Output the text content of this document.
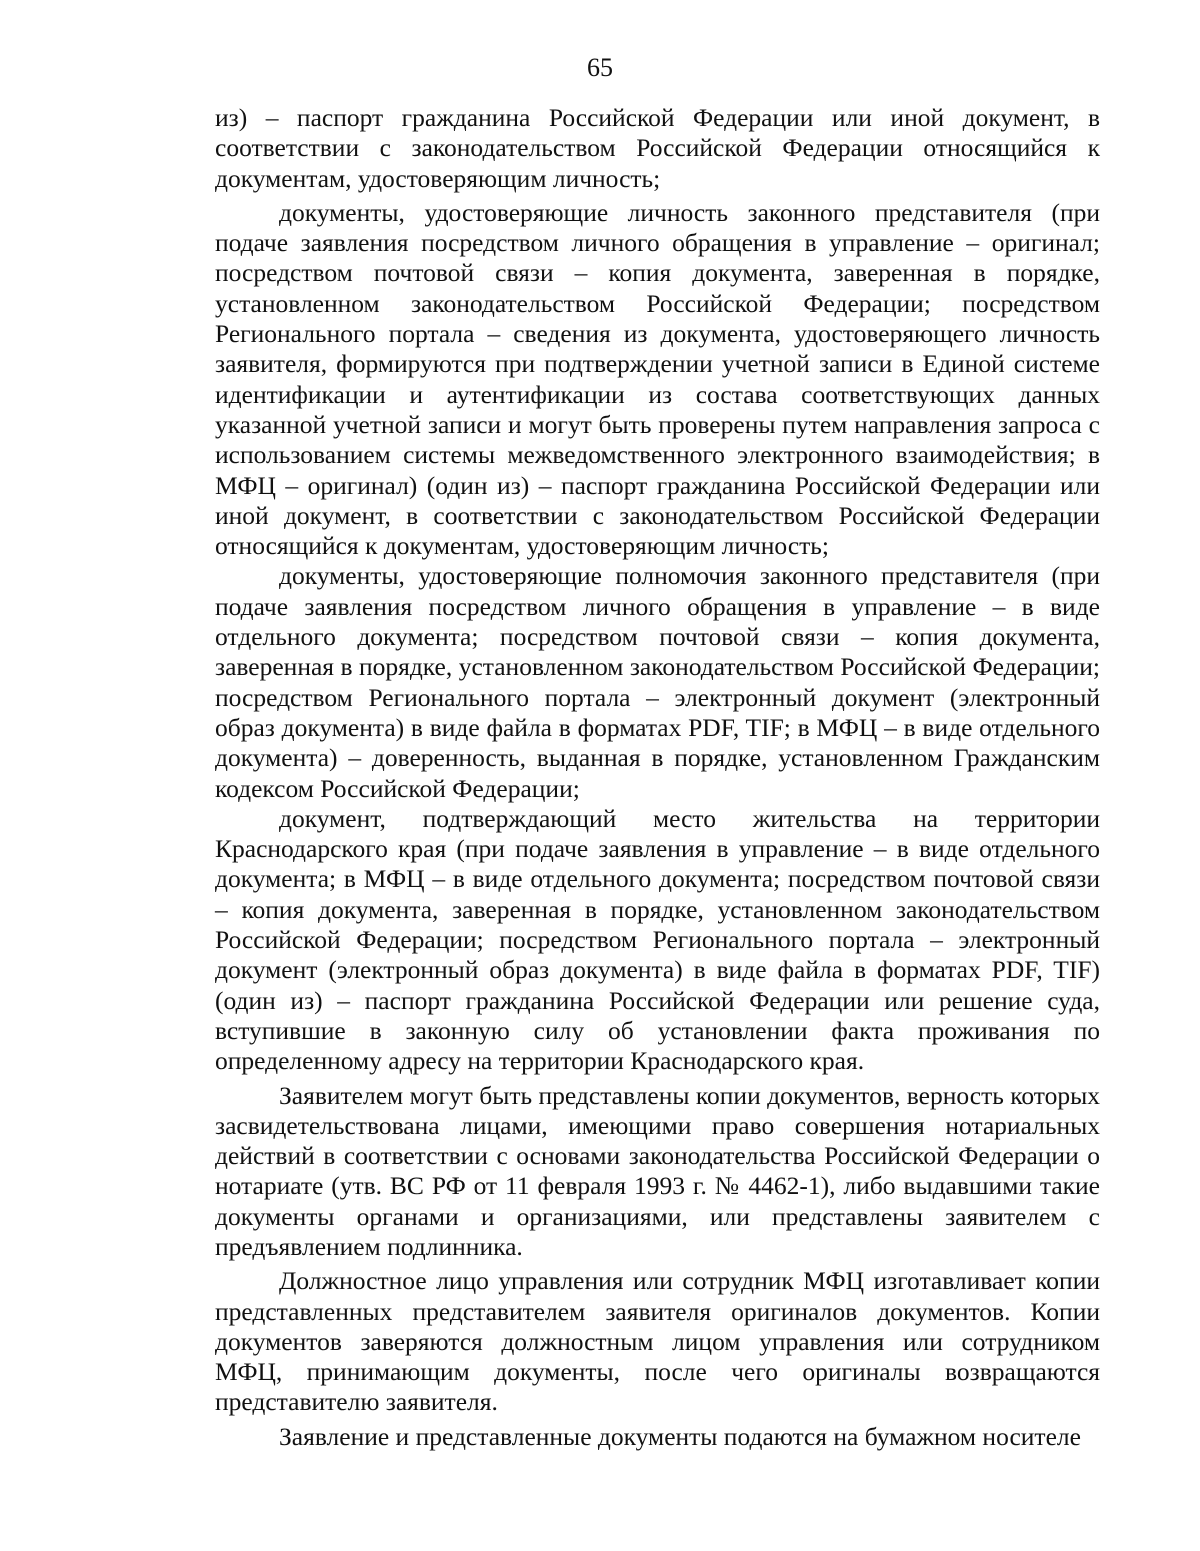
65

из) – паспорт гражданина Российской Федерации или иной документ, в соответствии с законодательством Российской Федерации относящийся к документам, удостоверяющим личность;

документы, удостоверяющие личность законного представителя (при подаче заявления посредством личного обращения в управление – оригинал; посредством почтовой связи – копия документа, заверенная в порядке, установленном законодательством Российской Федерации; посредством Регионального портала – сведения из документа, удостоверяющего личность заявителя, формируются при подтверждении учетной записи в Единой системе идентификации и аутентификации из состава соответствующих данных указанной учетной записи и могут быть проверены путем направления запроса с использованием системы межведомственного электронного взаимодействия; в МФЦ – оригинал) (один из) – паспорт гражданина Российской Федерации или иной документ, в соответствии с законодательством Российской Федерации относящийся к документам, удостоверяющим личность;

документы, удостоверяющие полномочия законного представителя (при подаче заявления посредством личного обращения в управление – в виде отдельного документа; посредством почтовой связи – копия документа, заверенная в порядке, установленном законодательством Российской Федерации; посредством Регионального портала – электронный документ (электронный образ документа) в виде файла в форматах PDF, TIF; в МФЦ – в виде отдельного документа) – доверенность, выданная в порядке, установленном Гражданским кодексом Российской Федерации;

документ, подтверждающий место жительства на территории Краснодарского края (при подаче заявления в управление – в виде отдельного документа; в МФЦ – в виде отдельного документа; посредством почтовой связи – копия документа, заверенная в порядке, установленном законодательством Российской Федерации; посредством Регионального портала – электронный документ (электронный образ документа) в виде файла в форматах PDF, TIF) (один из) – паспорт гражданина Российской Федерации или решение суда, вступившие в законную силу об установлении факта проживания по определенному адресу на территории Краснодарского края.

Заявителем могут быть представлены копии документов, верность которых засвидетельствована лицами, имеющими право совершения нотариальных действий в соответствии с основами законодательства Российской Федерации о нотариате (утв. ВС РФ от 11 февраля 1993 г. № 4462-1), либо выдавшими такие документы органами и организациями, или представлены заявителем с предъявлением подлинника.

Должностное лицо управления или сотрудник МФЦ изготавливает копии представленных представителем заявителя оригиналов документов. Копии документов заверяются должностным лицом управления или сотрудником МФЦ, принимающим документы, после чего оригиналы возвращаются представителю заявителя.

Заявление и представленные документы подаются на бумажном носителе
